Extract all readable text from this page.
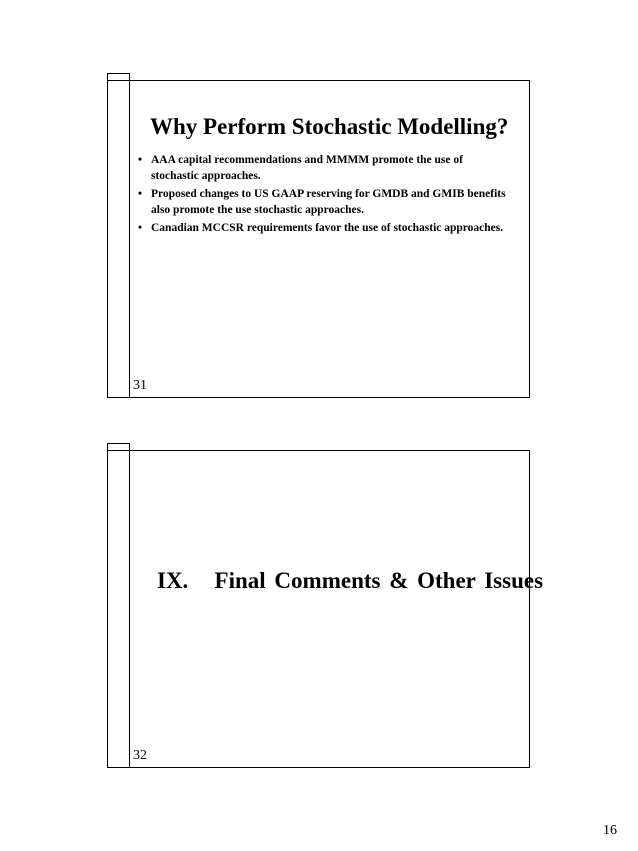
Why Perform Stochastic Modelling?
• AAA capital recommendations and MMMM promote the use of stochastic approaches.
• Proposed changes to US GAAP reserving for GMDB and GMIB benefits also promote the use stochastic approaches.
• Canadian MCCSR requirements favor the use of stochastic approaches.
31
IX.   Final Comments & Other Issues
32
16
